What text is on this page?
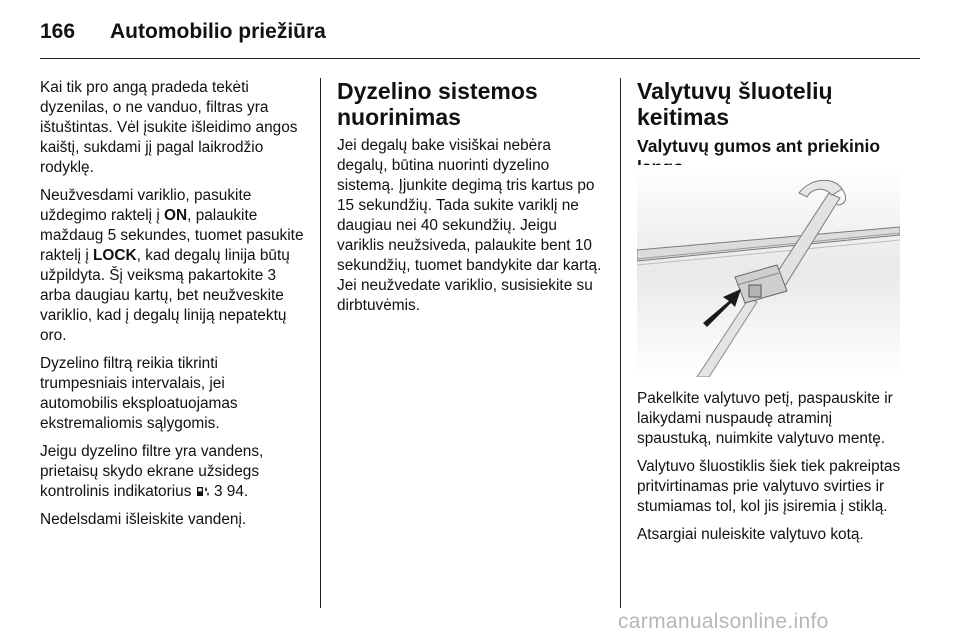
166 Automobilio priežiūra

Kai tik pro angą pradeda tekėti dyzenilas, o ne vanduo, filtras yra ištuštintas. Vėl įsukite išleidimo angos kaištį, sukdami jį pagal laikrodžio rodyklę.

Neužvesdami variklio, pasukite uždegimo raktelį į ON, palaukite maždaug 5 sekundes, tuomet pasukite raktelį į LOCK, kad degalų linija būtų užpildyta. Šį veiksmą pakartokite 3 arba daugiau kartų, bet neužveskite variklio, kad į degalų liniją nepatektų oro.

Dyzelino filtrą reikia tikrinti trumpesniais intervalais, jei automobilis eksploatuojamas ekstremaliomis sąlygomis.

Jeigu dyzelino filtre yra vandens, prietaisų skydo ekrane užsidegs kontrolinis indikatorius  3 94.

Nedelsdami išleiskite vandenį.

Dyzelino sistemos nuorinimas

Jei degalų bake visiškai nebėra degalų, būtina nuorinti dyzelino sistemą. Įjunkite degimą tris kartus po 15 sekundžių. Tada sukite variklį ne daugiau nei 40 sekundžių. Jeigu variklis neužsiveda, palaukite bent 10 sekundžių, tuomet bandykite dar kartą. Jei neužvedate variklio, susisiekite su dirbtuvėmis.

Valytuvų šluotelių keitimas
Valytuvų gumos ant priekinio

Pakelkite valytuvo petį, paspauskite ir laikydami nuspaudę atraminį spaustuką, nuimkite valytuvo mentę.

Valytuvo šluostiklis šiek tiek pakreiptas pritvirtinamas prie valytuvo svirties ir stumiamas tol, kol jis įsiremia į stiklą.

Atsargiai nuleiskite valytuvo kotą.

carmanualsonline.info
